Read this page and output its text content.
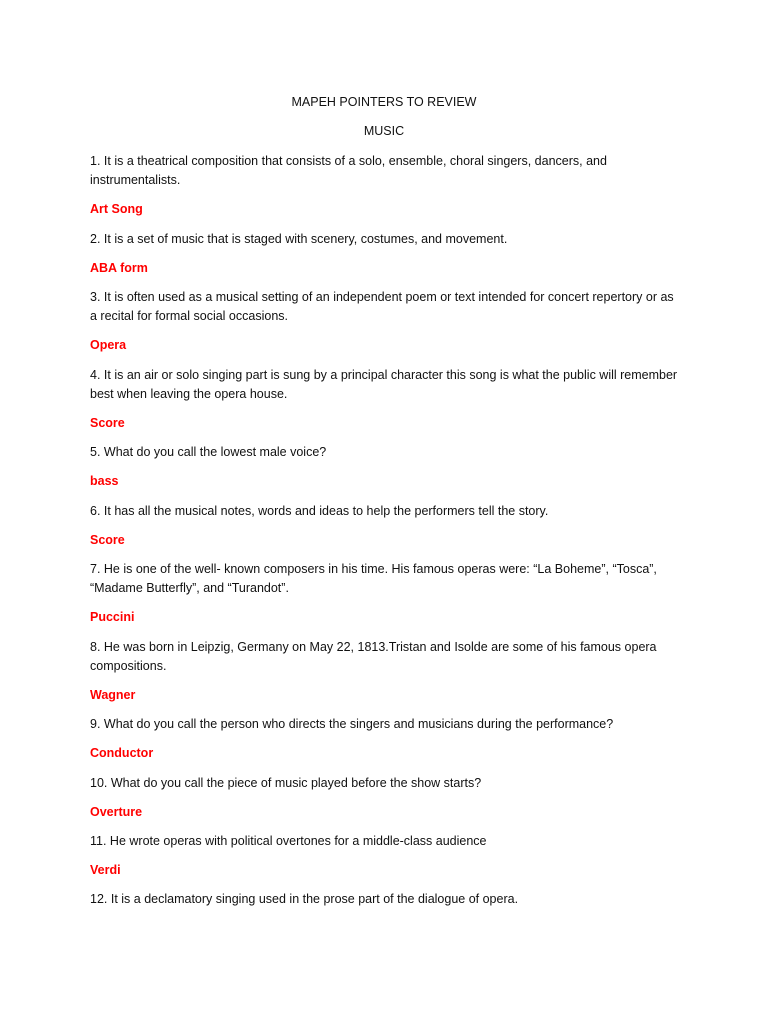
MAPEH POINTERS TO REVIEW
MUSIC

1. It is a theatrical composition that consists of a solo, ensemble, choral singers, dancers, and instrumentalists.

Art Song

2. It is a set of music that is staged with scenery, costumes, and movement.

ABA form

3. It is often used as a musical setting of an independent poem or text intended for concert repertory or as a recital for formal social occasions.

Opera

4. It is an air or solo singing part is sung by a principal character this song is what the public will remember best when leaving the opera house.

Score

5. What do you call the lowest male voice?

bass

6. It has all the musical notes, words and ideas to help the performers tell the story.

Score

7. He is one of the well- known composers in his time. His famous operas were: “La Boheme”, “Tosca”, “Madame Butterfly”, and “Turandot”.

Puccini

8. He was born in Leipzig, Germany on May 22, 1813.Tristan and Isolde are some of his famous opera compositions.

Wagner

9. What do you call the person who directs the singers and musicians during the performance?

Conductor

10. What do you call the piece of music played before the show starts?

Overture

11. He wrote operas with political overtones for a middle-class audience

Verdi

12. It is a declamatory singing used in the prose part of the dialogue of opera.
